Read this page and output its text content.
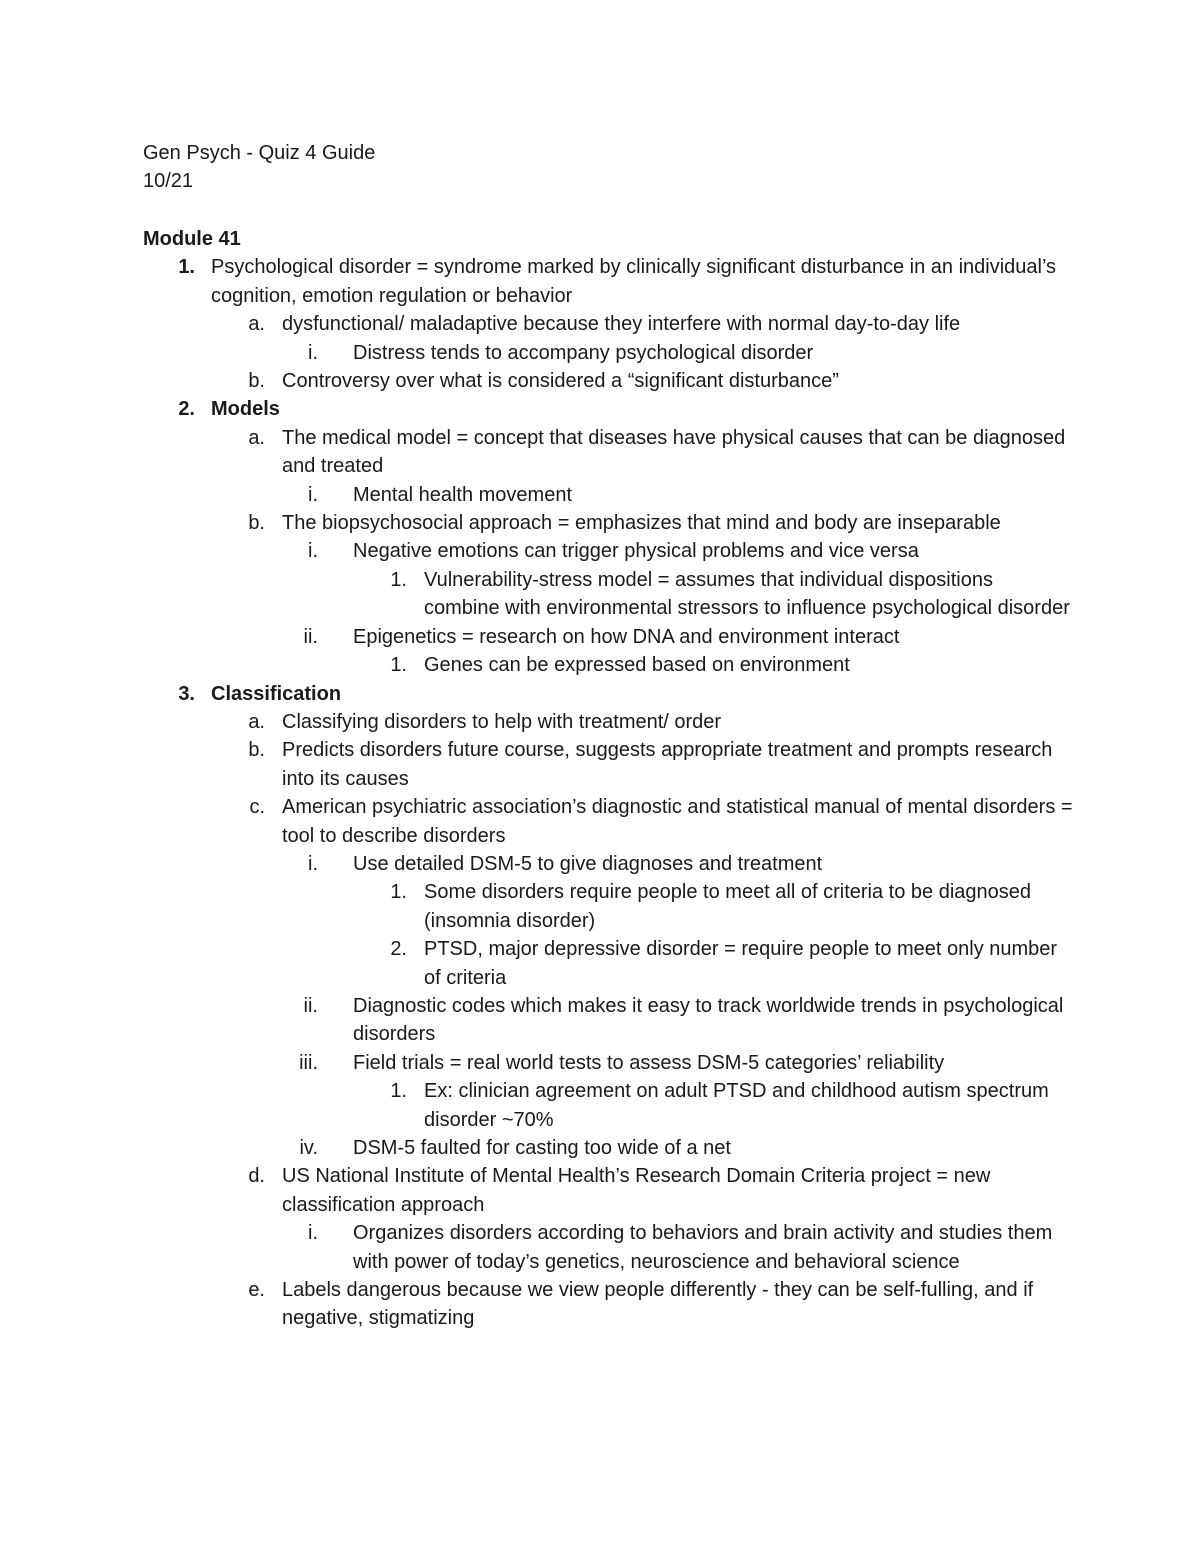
Gen Psych - Quiz 4 Guide
10/21
Module 41
1. Psychological disorder = syndrome marked by clinically significant disturbance in an individual’s cognition, emotion regulation or behavior
a. dysfunctional/ maladaptive because they interfere with normal day-to-day life
i.	Distress tends to accompany psychological disorder
b. Controversy over what is considered a “significant disturbance”
2. Models
a. The medical model = concept that diseases have physical causes that can be diagnosed and treated
i.	Mental health movement
b. The biopsychosocial approach = emphasizes that mind and body are inseparable
i.	Negative emotions can trigger physical problems and vice versa
1. Vulnerability-stress model = assumes that individual dispositions combine with environmental stressors to influence psychological disorder
ii.	Epigenetics = research on how DNA and environment interact
1. Genes can be expressed based on environment
3. Classification
a. Classifying disorders to help with treatment/ order
b. Predicts disorders future course, suggests appropriate treatment and prompts research into its causes
c. American psychiatric association’s diagnostic and statistical manual of mental disorders = tool to describe disorders
i.	Use detailed DSM-5 to give diagnoses and treatment
1. Some disorders require people to meet all of criteria to be diagnosed (insomnia disorder)
2. PTSD, major depressive disorder = require people to meet only number of criteria
ii.	Diagnostic codes which makes it easy to track worldwide trends in psychological disorders
iii.	Field trials = real world tests to assess DSM-5 categories’ reliability
1. Ex: clinician agreement on adult PTSD and childhood autism spectrum disorder ~70%
iv.	DSM-5 faulted for casting too wide of a net
d. US National Institute of Mental Health’s Research Domain Criteria project = new classification approach
i.	Organizes disorders according to behaviors and brain activity and studies them with power of today’s genetics, neuroscience and behavioral science
e. Labels dangerous because we view people differently - they can be self-fulling, and if negative, stigmatizing
